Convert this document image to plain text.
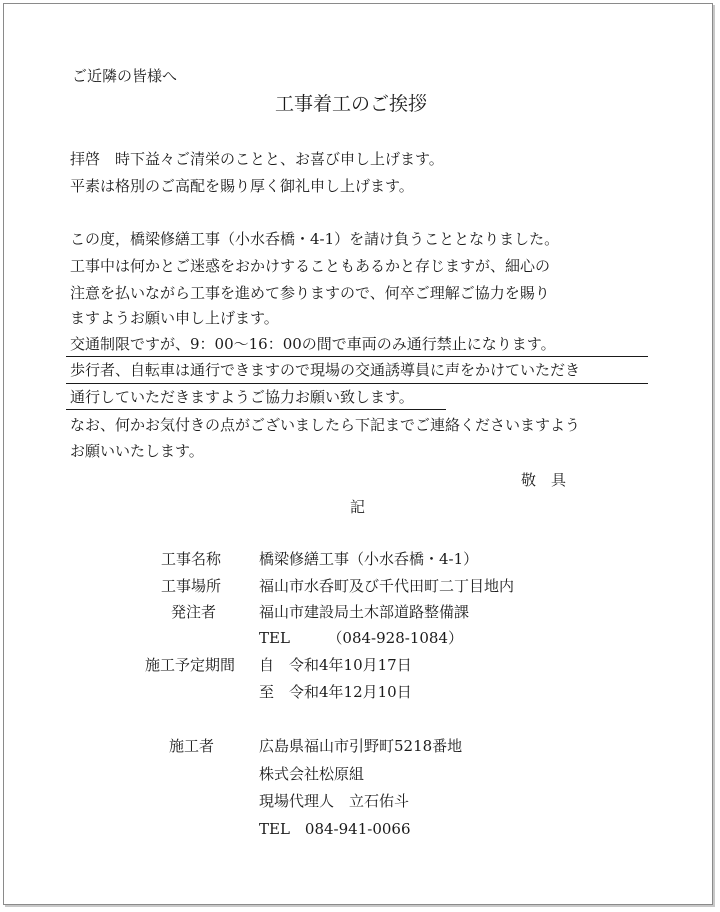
ご近隣の皆様へ
工事着工のご挨拶
拝啓　時下益々ご清栄のことと、お喜び申し上げます。
平素は格別のご高配を賜り厚く御礼申し上げます。
この度，橋梁修繕工事（小水呑橋・4-1）を請け負うこととなりました。
工事中は何かとご迷惑をおかけすることもあるかと存じますが、細心の
注意を払いながら工事を進めて参りますので、何卒ご理解ご協力を賜り
ますようお願い申し上げます。
交通制限ですが、9：00～16：00の間で車両のみ通行禁止になります。
歩行者、自転車は通行できますので現場の交通誘導員に声をかけていただき
通行していただきますようご協力お願い致します。
なお、何かお気付きの点がございましたら下記までご連絡くださいますよう
お願いいたします。
敬　具
記
工事名称	橋梁修繕工事（小水呑橋・4-1）
工事場所	福山市水呑町及び千代田町二丁目地内
発注者	福山市建設局土木部道路整備課
TEL　　　（084-928-1084）
施工予定期間 自　令和4年10月17日
至　令和4年12月10日
施工者	広島県福山市引野町5218番地
株式会社松原組
現場代理人　立石佑斗
TEL　084-941-0066
